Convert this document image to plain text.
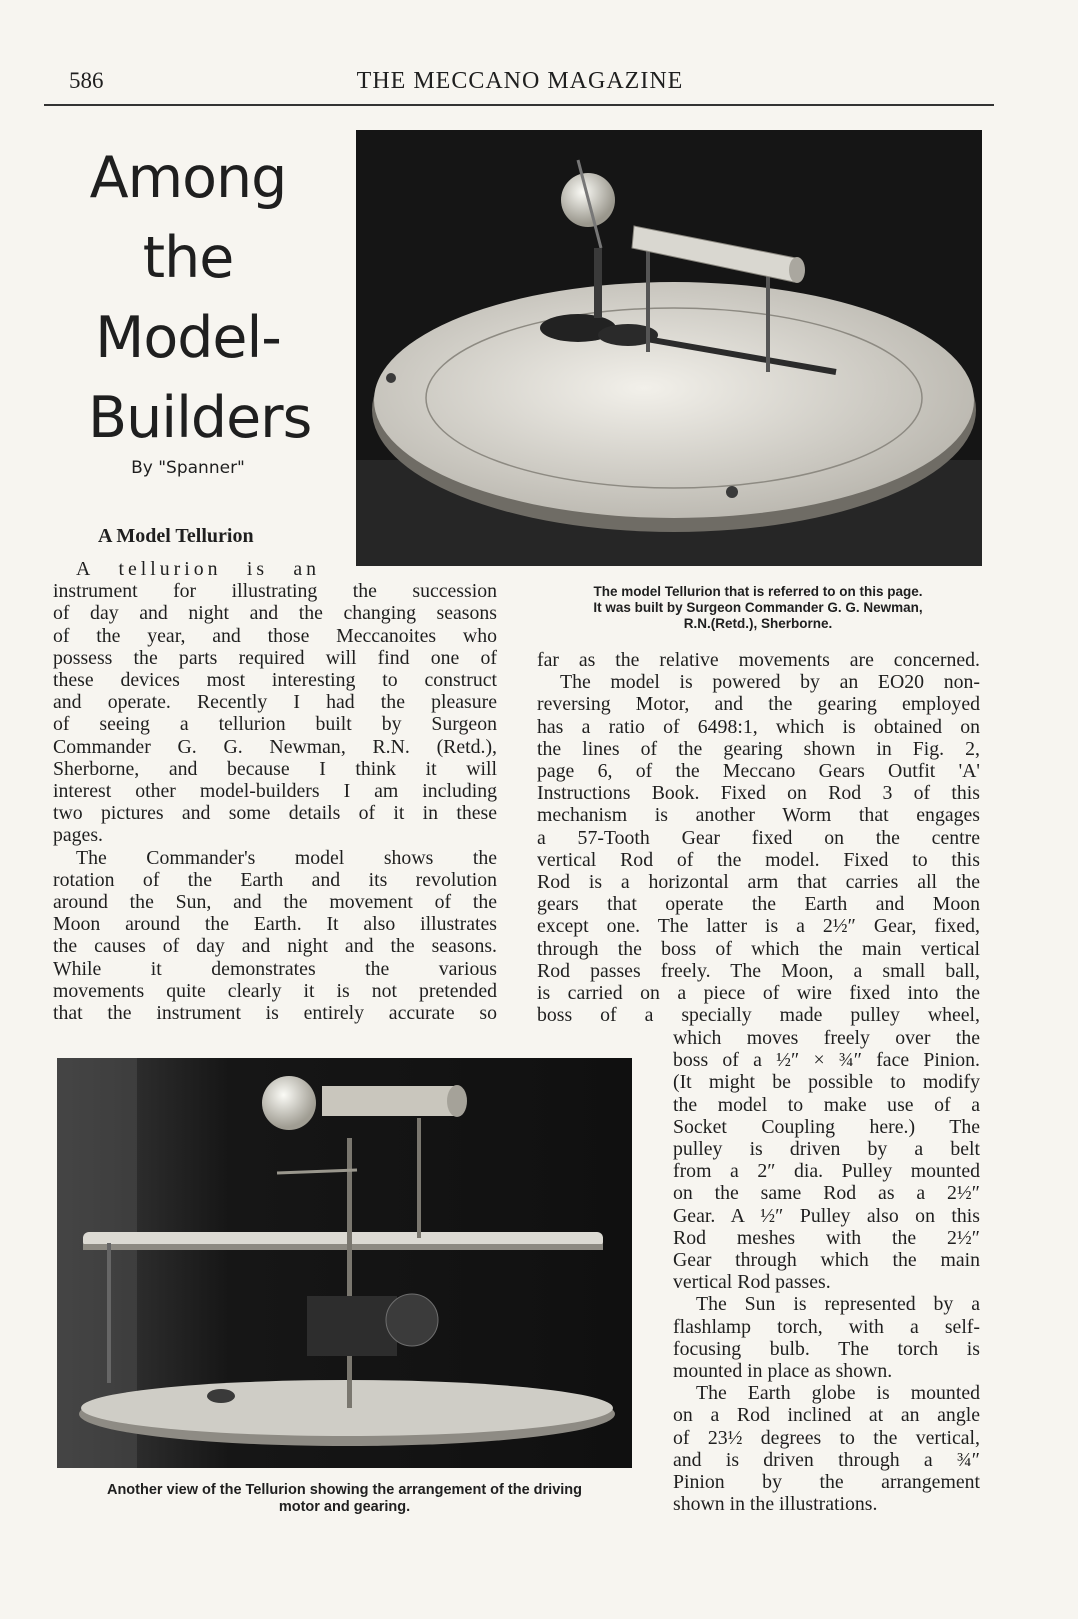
586	THE MECCANO MAGAZINE
Among
the
Model-
Builders
By "Spanner"
A Model Tellurion
The model Tellurion that is referred to on this page.
It was built by Surgeon Commander G. G. Newman,
R.N.(Retd.), Sherborne.
Another view of the Tellurion showing the arrangement of the driving
motor and gearing.
A tellurion is an
instrument for illustrating the succession
of day and night and the changing seasons
of the year, and those Meccanoites who
possess the parts required will find one of
these devices most interesting to construct
and operate. Recently I had the pleasure
of seeing a tellurion built by Surgeon
Commander G. G. Newman, R.N. (Retd.),
Sherborne, and because I think it will
interest other model-builders I am including
two pictures and some details of it in these
pages.
The Commander's model shows the
rotation of the Earth and its revolution
around the Sun, and the movement of the
Moon around the Earth. It also illustrates
the causes of day and night and the seasons.
While it demonstrates the various
movements quite clearly it is not pretended
that the instrument is entirely accurate so
far as the relative movements are concerned.
The model is powered by an EO20 non-
reversing Motor, and the gearing employed
has a ratio of 6498:1, which is obtained on
the lines of the gearing shown in Fig. 2,
page 6, of the Meccano Gears Outfit 'A'
Instructions Book. Fixed on Rod 3 of this
mechanism is another Worm that engages
a 57-Tooth Gear fixed on the centre
vertical Rod of the model. Fixed to this
Rod is a horizontal arm that carries all the
gears that operate the Earth and Moon
except one. The latter is a 2½″ Gear, fixed,
through the boss of which the main vertical
Rod passes freely. The Moon, a small ball,
is carried on a piece of wire fixed into the
boss of a specially made pulley wheel,
which moves freely over the
boss of a ½″ × ¾″ face Pinion.
(It might be possible to modify
the model to make use of a
Socket Coupling here.) The
pulley is driven by a belt
from a 2″ dia. Pulley mounted
on the same Rod as a 2½″
Gear. A ½″ Pulley also on this
Rod meshes with the 2½″
Gear through which the main
vertical Rod passes.
The Sun is represented by a
flashlamp torch, with a self-
focusing bulb. The torch is
mounted in place as shown.
The Earth globe is mounted
on a Rod inclined at an angle
of 23½ degrees to the vertical,
and is driven through a ¾″
Pinion by the arrangement
shown in the illustrations.
